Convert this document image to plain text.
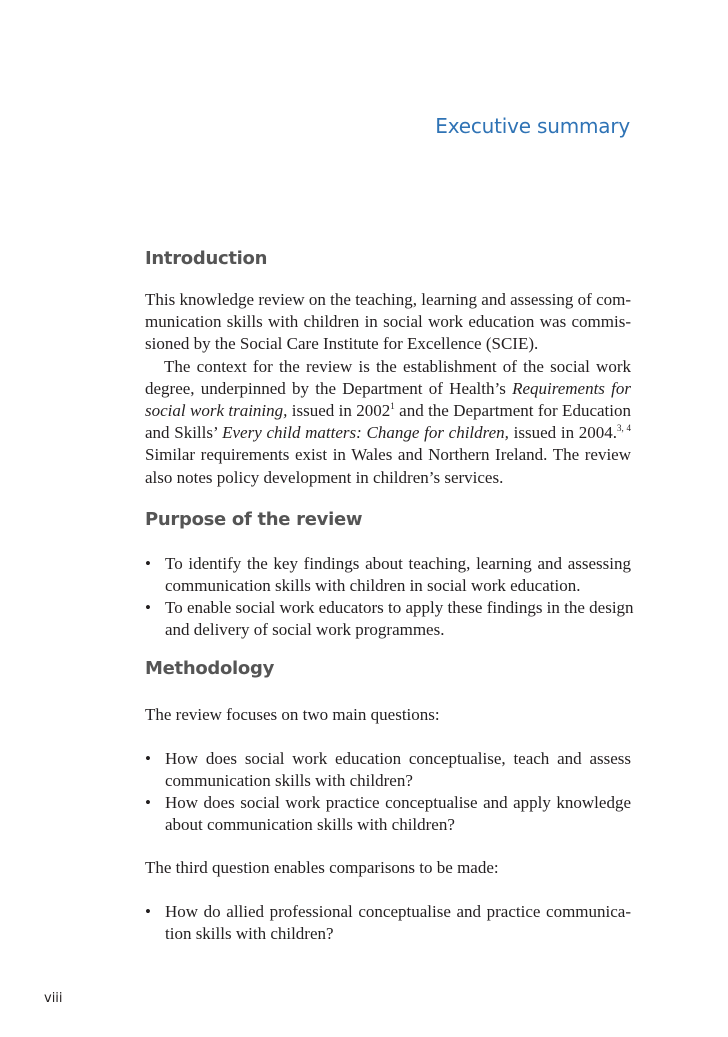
Executive summary
Introduction
This knowledge review on the teaching, learning and assessing of com-
munication skills with children in social work education was commis-
sioned by the Social Care Institute for Excellence (SCIE).
The context for the review is the establishment of the social work
degree, underpinned by the Department of Health’s Requirements for
social work training, issued in 2002$^1$ and the Department for Education
and Skills’ Every child matters: Change for children, issued in 2004.$^{3, 4}$
Similar requirements exist in Wales and Northern Ireland. The review
also notes policy development in children’s services.
Purpose of the review
• To identify the key findings about teaching, learning and assessing
communication skills with children in social work education.
• To enable social work educators to apply these findings in the design
and delivery of social work programmes.
Methodology
The review focuses on two main questions:
• How does social work education conceptualise, teach and assess
communication skills with children?
• How does social work practice conceptualise and apply knowledge
about communication skills with children?
The third question enables comparisons to be made:
• How do allied professional conceptualise and practice communica-
tion skills with children?
viii
